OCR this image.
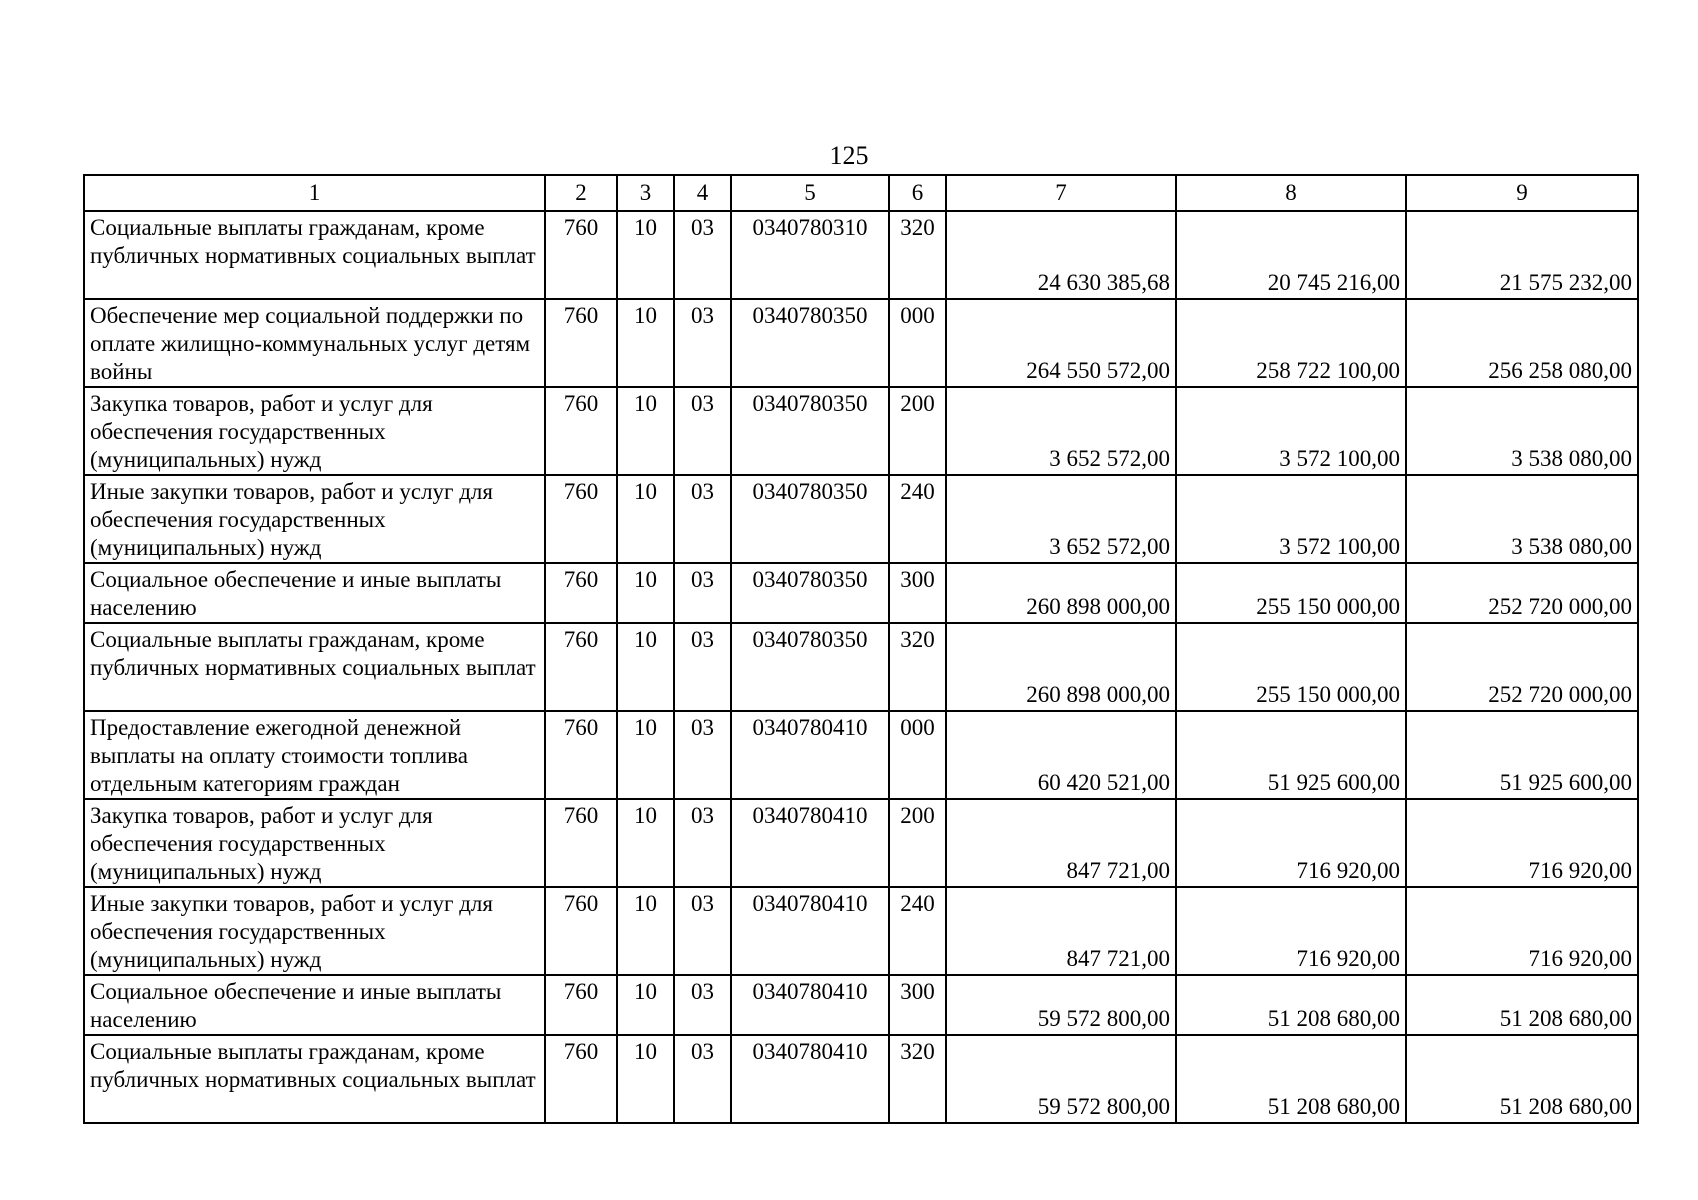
125
1	2	3	4	5	6	7	8	9
Социальные выплаты гражданам, кроме публичных нормативных социальных выплат	760	10	03	0340780310	320	24 630 385,68	20 745 216,00	21 575 232,00
Обеспечение мер социальной поддержки по оплате жилищно-коммунальных услуг детям войны	760	10	03	0340780350	000	264 550 572,00	258 722 100,00	256 258 080,00
Закупка товаров, работ и услуг для обеспечения государственных (муниципальных) нужд	760	10	03	0340780350	200	3 652 572,00	3 572 100,00	3 538 080,00
Иные закупки товаров, работ и услуг для обеспечения государственных (муниципальных) нужд	760	10	03	0340780350	240	3 652 572,00	3 572 100,00	3 538 080,00
Социальное обеспечение и иные выплаты населению	760	10	03	0340780350	300	260 898 000,00	255 150 000,00	252 720 000,00
Социальные выплаты гражданам, кроме публичных нормативных социальных выплат	760	10	03	0340780350	320	260 898 000,00	255 150 000,00	252 720 000,00
Предоставление ежегодной денежной выплаты на оплату стоимости топлива отдельным категориям граждан	760	10	03	0340780410	000	60 420 521,00	51 925 600,00	51 925 600,00
Закупка товаров, работ и услуг для обеспечения государственных (муниципальных) нужд	760	10	03	0340780410	200	847 721,00	716 920,00	716 920,00
Иные закупки товаров, работ и услуг для обеспечения государственных (муниципальных) нужд	760	10	03	0340780410	240	847 721,00	716 920,00	716 920,00
Социальное обеспечение и иные выплаты населению	760	10	03	0340780410	300	59 572 800,00	51 208 680,00	51 208 680,00
Социальные выплаты гражданам, кроме публичных нормативных социальных выплат	760	10	03	0340780410	320	59 572 800,00	51 208 680,00	51 208 680,00
